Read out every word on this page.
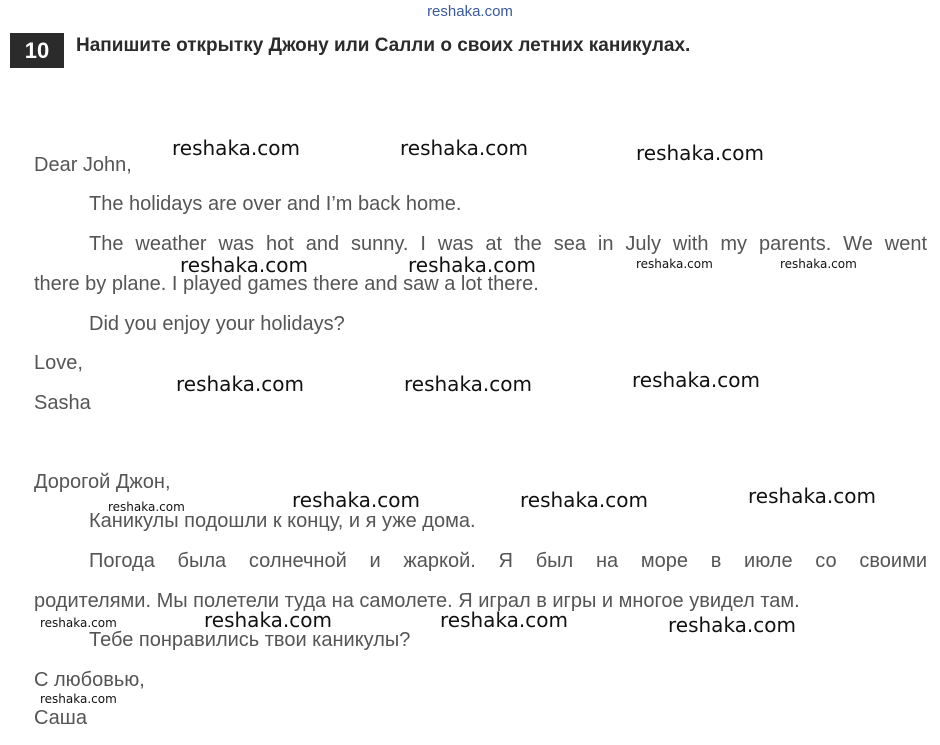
reshaka.com
10	Напишите открытку Джону или Салли о своих летних каникулах.
Dear John,
The holidays are over and I’m back home.
The weather was hot and sunny. I was at the sea in July with my parents. We went
there by plane. I played games there and saw a lot there.
Did you enjoy your holidays?
Love,
Sasha
Дорогой Джон,
Каникулы подошли к концу, и я уже дома.
Погода была солнечной и жаркой. Я был на море в июле со своими
родителями. Мы полетели туда на самолете. Я играл в игры и многое увидел там.
Тебе понравились твои каникулы?
С любовью,
Саша
reshaka.com	reshaka.com	reshaka.com
reshaka.com	reshaka.com	reshaka.com	reshaka.com
reshaka.com	reshaka.com	reshaka.com
reshaka.com	reshaka.com	reshaka.com	reshaka.com
reshaka.com	reshaka.com	reshaka.com	reshaka.com
reshaka.com
